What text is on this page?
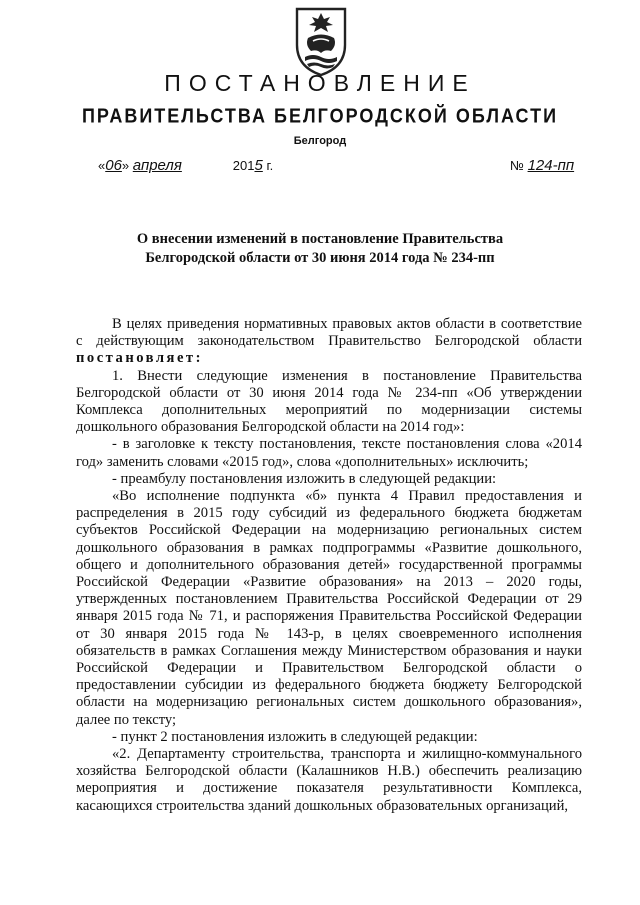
ПОСТАНОВЛЕНИЕ
ПРАВИТЕЛЬСТВА БЕЛГОРОДСКОЙ ОБЛАСТИ
Белгород
«06» апреля	2015 г.	№ 124-пп
О внесении изменений в постановление Правительства
Белгородской области от 30 июня 2014 года № 234-пп

В целях приведения нормативных правовых актов области в соответствие с действующим законодательством Правительство Белгородской области постановляет:

1. Внести следующие изменения в постановление Правительства Белгородской области от 30 июня 2014 года № 234-пп «Об утверждении Комплекса дополнительных мероприятий по модернизации системы дошкольного образования Белгородской области на 2014 год»:

- в заголовке к тексту постановления, тексте постановления слова «2014 год» заменить словами «2015 год», слова «дополнительных» исключить;

- преамбулу постановления изложить в следующей редакции:

«Во исполнение подпункта «б» пункта 4 Правил предоставления и распределения в 2015 году субсидий из федерального бюджета бюджетам субъектов Российской Федерации на модернизацию региональных систем дошкольного образования в рамках подпрограммы «Развитие дошкольного, общего и дополнительного образования детей» государственной программы Российской Федерации «Развитие образования» на 2013 – 2020 годы, утвержденных постановлением Правительства Российской Федерации от 29 января 2015 года № 71, и распоряжения Правительства Российской Федерации от 30 января 2015 года № 143-р, в целях своевременного исполнения обязательств в рамках Соглашения между Министерством образования и науки Российской Федерации и Правительством Белгородской области о предоставлении субсидии из федерального бюджета бюджету Белгородской области на модернизацию региональных систем дошкольного образования», далее по тексту;

- пункт 2 постановления изложить в следующей редакции:

«2. Департаменту строительства, транспорта и жилищно-коммунального хозяйства Белгородской области (Калашников Н.В.) обеспечить реализацию мероприятия и достижение показателя результативности Комплекса, касающихся строительства зданий дошкольных образовательных организаций,
